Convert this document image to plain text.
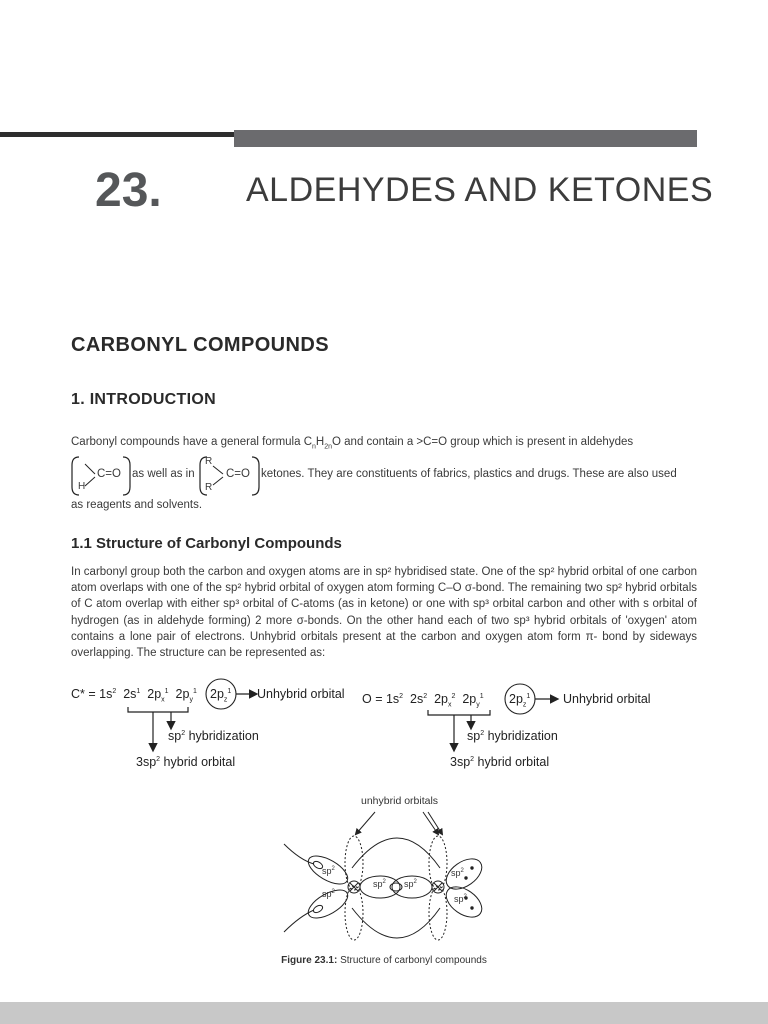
23. ALDEHYDES AND KETONES
CARBONYL COMPOUNDS
1. INTRODUCTION
Carbonyl compounds have a general formula $C_nH_{2n}O$ and contain a >C=O group which is present in aldehydes
H
C=O as well as in
R
R
C=O ketones. They are constituents of fabrics, plastics and drugs. These are also used
as reagents and solvents.
1.1 Structure of Carbonyl Compounds
In carbonyl group both the carbon and oxygen atoms are in sp² hybridised state. One of the sp² hybrid orbital of one carbon atom overlaps with one of the sp² hybrid orbital of oxygen atom forming C–O σ-bond. The remaining two sp² hybrid orbitals of C atom overlap with either sp³ orbital of C-atoms (as in ketone) or one with sp³ orbital carbon and other with s orbital of hydrogen (as in aldehyde forming) 2 more σ-bonds. On the other hand each of two sp³ hybrid orbitals of 'oxygen' atom contains a lone pair of electrons. Unhybrid orbitals present at the carbon and oxygen atom form π- bond by sideways overlapping. The structure can be represented as:
$C* = 1s^2$ $2s^1$ $2p_x^1$ $2p_y^1$ $2p_z^1$ Unhybrid orbital
$sp^2$ hybridization
$3sp^2$ hybrid orbital
$O = 1s^2$ $2s^2$ $2p_x^2$ $2p_y^1$ $2p_z^1$	Unhybrid orbital
$sp^2$ hybridization
$3sp^2$ hybrid orbital
unhybrid orbitals
$sp^2$
$sp^2$
$sp^2$ $sp^2$
$sp^2$
$sp^2$
Figure 23.1: Structure of carbonyl compounds
